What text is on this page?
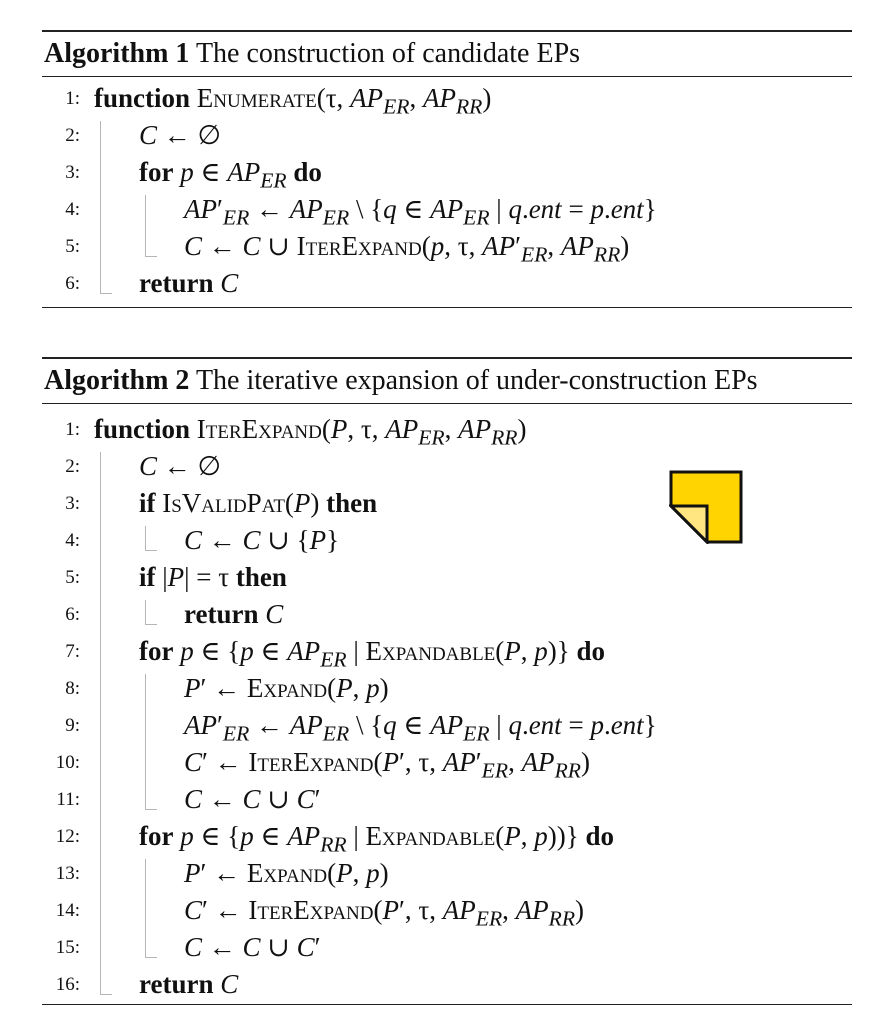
Algorithm 1 The construction of candidate EPs
1: function Enumerate(τ, $AP_{ER}$, $AP_{RR}$)
2: C ← ∅
3: for p ∈ $AP_{ER}$ do
4:	$AP'_{ER}$ ← $AP_{ER}$ \ {q ∈ $AP_{ER}$ | q.ent = p.ent}
5:	C ← C ∪ IterExpand(p, τ, $AP'_{ER}$, $AP_{RR}$)
6: return C
Algorithm 2 The iterative expansion of under-construction EPs
1: function IterExpand(P, τ, $AP_{ER}$, $AP_{RR}$)
2: C ← ∅
3: if IsValidPat(P) then
4:	C ← C ∪ {P}
5: if |P| = τ then
6:	return C
7: for p ∈ {p ∈ $AP_{ER}$ | Expandable(P, p)} do
8:	P′ ← Expand(P, p)
9:	$AP'_{ER}$ ← $AP_{ER}$ \ {q ∈ $AP_{ER}$ | q.ent = p.ent}
10:	C′ ← IterExpand(P′, τ, $AP'_{ER}$, $AP_{RR}$)
11:	C ← C ∪ C′
12: for p ∈ {p ∈ $AP_{RR}$ | Expandable(P, p))} do
13:	P′ ← Expand(P, p)
14:	C′ ← IterExpand(P′, τ, $AP_{ER}$, $AP_{RR}$)
15:	C ← C ∪ C′
16: return C
